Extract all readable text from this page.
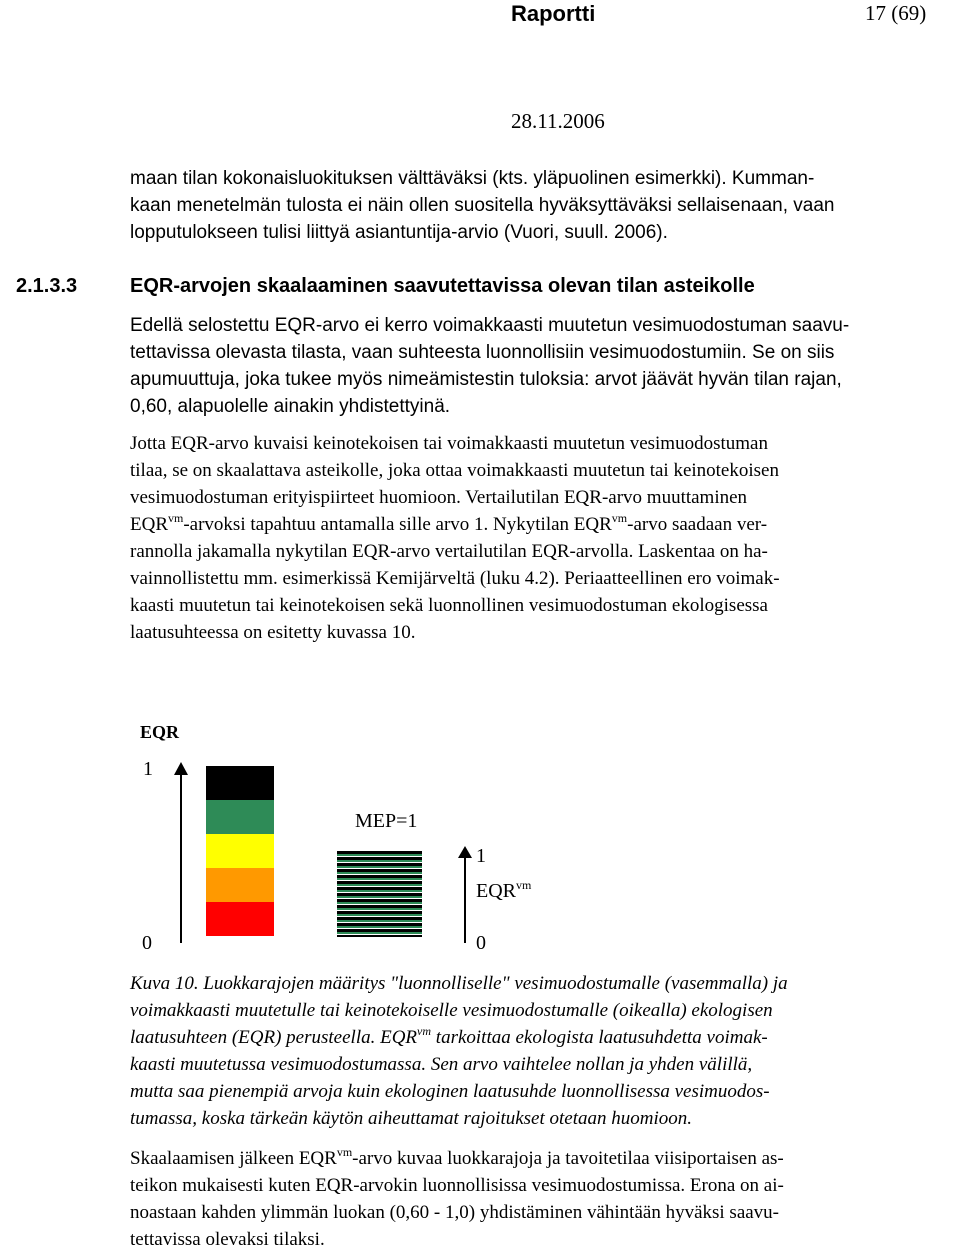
Raportti	17 (69)
28.11.2006
maan tilan kokonaisluokituksen välttäväksi (kts. yläpuolinen esimerkki). Kumman-
kaan menetelmän tulosta ei näin ollen suositella hyväksyttäväksi sellaisenaan, vaan
lopputulokseen tulisi liittyä asiantuntija-arvio (Vuori, suull. 2006).
2.1.3.3	EQR-arvojen skaalaaminen saavutettavissa olevan tilan asteikolle
Edellä selostettu EQR-arvo ei kerro voimakkaasti muutetun vesimuodostuman saavu-
tettavissa olevasta tilasta, vaan suhteesta luonnollisiin vesimuodostumiin. Se on siis
apumuuttuja, joka tukee myös nimeämistestin tuloksia: arvot jäävät hyvän tilan rajan,
0,60, alapuolelle ainakin yhdistettyinä.
Jotta EQR-arvo kuvaisi keinotekoisen tai voimakkaasti muutetun vesimuodostuman
tilaa, se on skaalattava asteikolle, joka ottaa voimakkaasti muutetun tai keinotekoisen
vesimuodostuman erityispiirteet huomioon. Vertailutilan EQR-arvo muuttaminen
$EQR^{vm}$-arvoksi tapahtuu antamalla sille arvo 1. Nykytilan $EQR^{vm}$-arvo saadaan ver-
rannolla jakamalla nykytilan EQR-arvo vertailutilan EQR-arvolla. Laskentaa on ha-
vainnollistettu mm. esimerkissä Kemijärveltä (luku 4.2). Periaatteellinen ero voimak-
kaasti muutetun tai keinotekoisen sekä luonnollinen vesimuodostuman ekologisessa
laatusuhteessa on esitetty kuvassa 10.
EQR
1
0
MEP=1
1
$EQR^{vm}$
0
Kuva 10. Luokkarajojen määritys "luonnolliselle" vesimuodostumalle (vasemmalla) ja
voimakkaasti muutetulle tai keinotekoiselle vesimuodostumalle (oikealla) ekologisen
laatusuhteen (EQR) perusteella. $EQR^{vm}$ tarkoittaa ekologista laatusuhdetta voimak-
kaasti muutetussa vesimuodostumassa. Sen arvo vaihtelee nollan ja yhden välillä,
mutta saa pienempiä arvoja kuin ekologinen laatusuhde luonnollisessa vesimuodos-
tumassa, koska tärkeän käytön aiheuttamat rajoitukset otetaan huomioon.
Skaalaamisen jälkeen $EQR^{vm}$-arvo kuvaa luokkarajoja ja tavoitetilaa viisiportaisen as-
teikon mukaisesti kuten EQR-arvokin luonnollisissa vesimuodostumissa. Erona on ai-
noastaan kahden ylimmän luokan (0,60 - 1,0) yhdistäminen vähintään hyväksi saavu-
tettavissa olevaksi tilaksi.
